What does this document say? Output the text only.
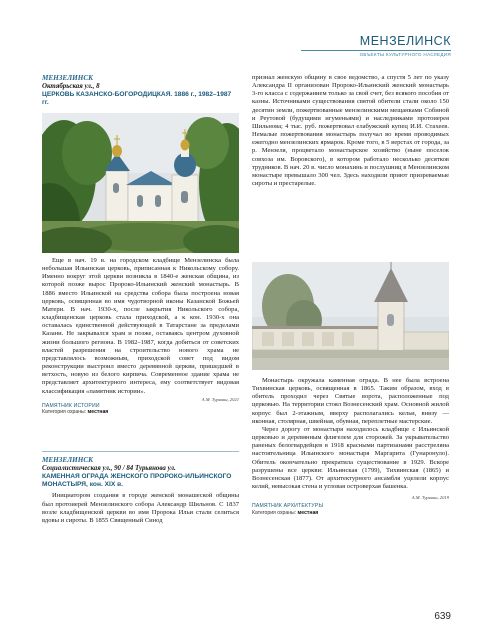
МЕНЗЕЛИНСК
ОБЪЕКТЫ КУЛЬТУРНОГО НАСЛЕДИЯ
МЕНЗЕЛИНСК
Октябрьская ул., 8
ЦЕРКОВЬ КАЗАНСКО-БОГОРОДИЦКАЯ. 1886 г., 1982–1987 гг.

Еще в нач. 19 в. на городском кладбище Мензелинска была небольшая Ильинская церковь, приписанная к Никольскому собору. Именно вокруг этой церкви возникла в 1840-е женская община, из которой позже вырос Пророко-Ильинский женский монастырь. В 1886 вместо Ильинской на средства собора была построена новая церковь, освященная во имя чудотворной иконы Казанской Божьей Матери. В нач. 1930-х, после закрытия Никольского собора, кладбищенская церковь стала приходской, а к кон. 1930-х она оставалась единственной действующей в Татарстане за пределами Казани. Не закрывался храм и позже, оставаясь центром духовной жизни большого региона. В 1982–1987, когда добиться от советских властей разрешения на строительство нового храма не представлялось возможным, приходской совет под видом реконструкции выстроил вместо деревянной церкви, пришедшей в ветхость, новую из белого кирпича. Современное здание храма не представляет архитектурного интереса, ему соответствует видовая классификация «памятник истории».

А.М. Турянин, 2021
ПАМЯТНИК ИСТОРИИ
Категория охраны: местная
МЕНЗЕЛИНСК
Социалистическая ул., 90 / 84 Турьянова ул.
КАМЕННАЯ ОГРАДА ЖЕНСКОГО ПРОРОКО-ИЛЬИНСКОГО МОНАСТЫРЯ, кон. XIX в.

Инициатором создания в городе женской монашеской общины был протоиерей Мензелинского собора Александр Шильнов. С 1837 возле кладбищенской церкви во имя Пророка Ильи стали селиться вдовы и сироты. В 1855 Священный Синод

признал женскую общину в свое ведомство, а спустя 5 лет по указу Александра II организован Пророко-Ильинский женский монастырь 3-го класса с содержанием только за свой счет, без всякого пособия от казны. Источниками существования святой обители стали около 150 десятин земли, пожертвованные мензелинскими мещанками Собиной и Реутовой (будущими игуменьями) и наследниками протоиерея Шильнова; 4 тыс. руб. пожертвовал елабужский купец И.И. Стахеев. Немалые пожертвования монастырь получал во время проводимых ежегодно мензелинских ярмарок. Кроме того, в 5 верстах от города, за р. Мензеля, процветало монастырское хозяйство (ныне поселок совхоза им. Воровского), в котором работало несколько десятков трудников. В нач. 20 в. число монахинь и послушниц в Мензелинском монастыре превышало 300 чел. Здесь находили приют призреваемые сироты и престарелые.

Монастырь окружала каменная ограда. В нее была встроена Тихвинская церковь, освященная в 1865. Таким образом, вход в обитель проходил через Святые ворота, расположенные под церковью. На территории стоял Вознесенский храм. Основной жилой корпус был 2-этажным, вверху располагались кельи, внизу — иконная, столярная, швейная, обувная, переплетные мастерские.

Через дорогу от монастыря находилось кладбище с Ильинской церковью и деревянным флигелем для сторожей. За укрывательство раненых белогвардейцев в 1918 красными партизанами расстреляна настоятельница Ильинского монастыря Маргарита (Гунаронуло). Обитель окончательно прекратила существование в 1929. Вскоре разрушены все церкви: Ильинская (1799), Тихвинская (1865) и Вознесенская (1877). От архитектурного ансамбля уцелели корпус келий, невысокая стена и угловая островерхая башенка.

А.М. Турянин, 2019
ПАМЯТНИК АРХИТЕКТУРЫ
Категория охраны: местная
639
